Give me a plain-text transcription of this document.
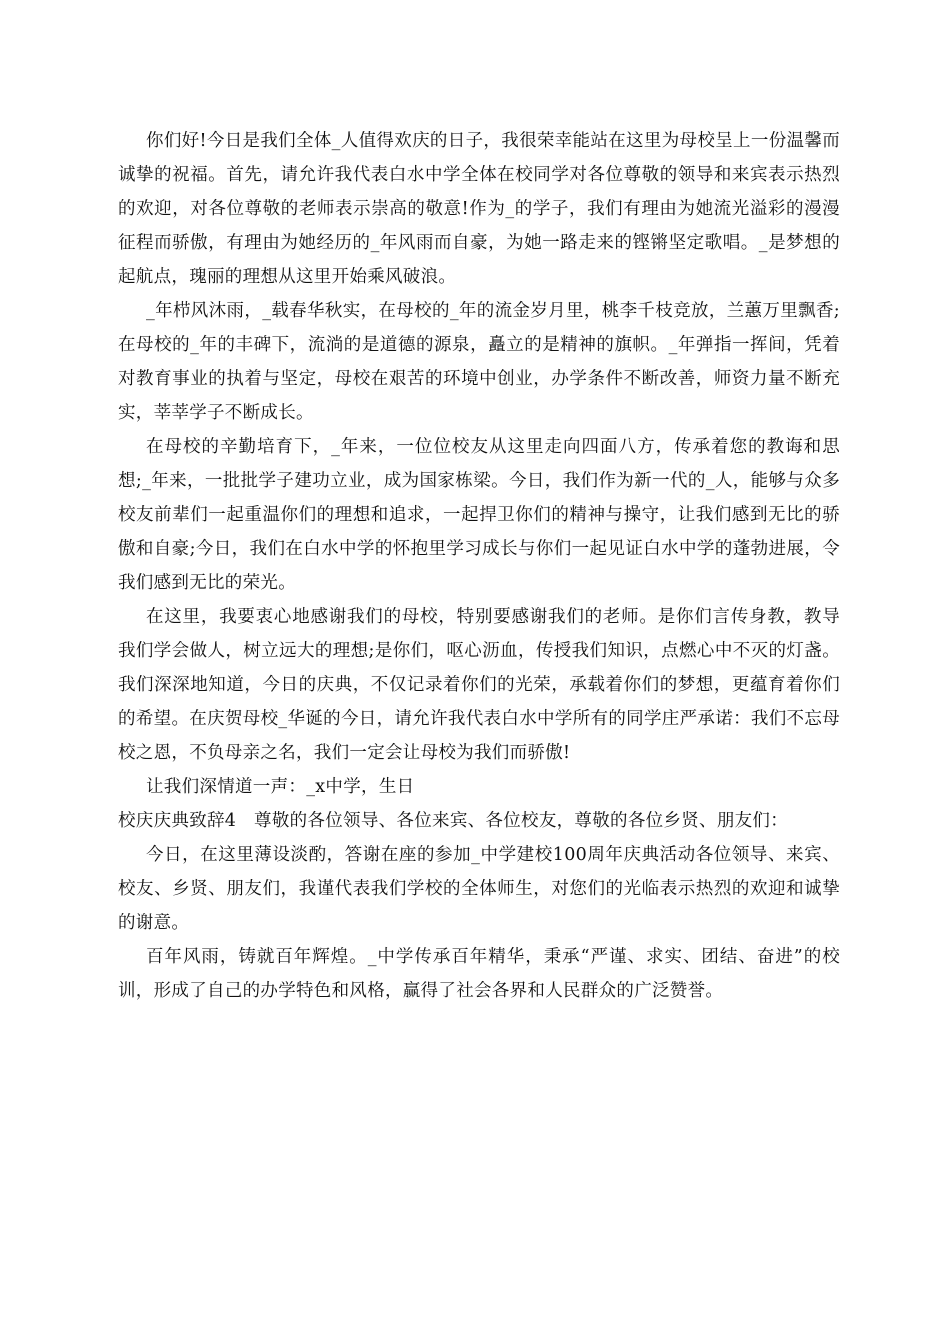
你们好!今日是我们全体_人值得欢庆的日子，我很荣幸能站在这里为母校呈上一份温馨而诚挚的祝福。首先，请允许我代表白水中学全体在校同学对各位尊敬的领导和来宾表示热烈的欢迎，对各位尊敬的老师表示崇高的敬意!作为_的学子，我们有理由为她流光溢彩的漫漫征程而骄傲，有理由为她经历的_年风雨而自豪，为她一路走来的铿锵坚定歌唱。_是梦想的起航点，瑰丽的理想从这里开始乘风破浪。

_年栉风沐雨，_载春华秋实，在母校的_年的流金岁月里，桃李千枝竞放，兰蕙万里飘香;在母校的_年的丰碑下，流淌的是道德的源泉，矗立的是精神的旗帜。_年弹指一挥间，凭着对教育事业的执着与坚定，母校在艰苦的环境中创业，办学条件不断改善，师资力量不断充实，莘莘学子不断成长。

在母校的辛勤培育下，_年来，一位位校友从这里走向四面八方，传承着您的教诲和思想;_年来，一批批学子建功立业，成为国家栋梁。今日，我们作为新一代的_人，能够与众多校友前辈们一起重温你们的理想和追求，一起捍卫你们的精神与操守，让我们感到无比的骄傲和自豪;今日，我们在白水中学的怀抱里学习成长与你们一起见证白水中学的蓬勃进展，令我们感到无比的荣光。

在这里，我要衷心地感谢我们的母校，特别要感谢我们的老师。是你们言传身教，教导我们学会做人，树立远大的理想;是你们，呕心沥血，传授我们知识，点燃心中不灭的灯盏。我们深深地知道，今日的庆典，不仅记录着你们的光荣，承载着你们的梦想，更蕴育着你们的希望。在庆贺母校_华诞的今日，请允许我代表白水中学所有的同学庄严承诺：我们不忘母校之恩，不负母亲之名，我们一定会让母校为我们而骄傲!

让我们深情道一声：_x中学，生日

校庆庆典致辞4　尊敬的各位领导、各位来宾、各位校友，尊敬的各位乡贤、朋友们：

今日，在这里薄设淡酌，答谢在座的参加_中学建校100周年庆典活动各位领导、来宾、校友、乡贤、朋友们，我谨代表我们学校的全体师生，对您们的光临表示热烈的欢迎和诚挚的谢意。

百年风雨，铸就百年辉煌。_中学传承百年精华，秉承“严谨、求实、团结、奋进”的校训，形成了自己的办学特色和风格，赢得了社会各界和人民群众的广泛赞誉。
